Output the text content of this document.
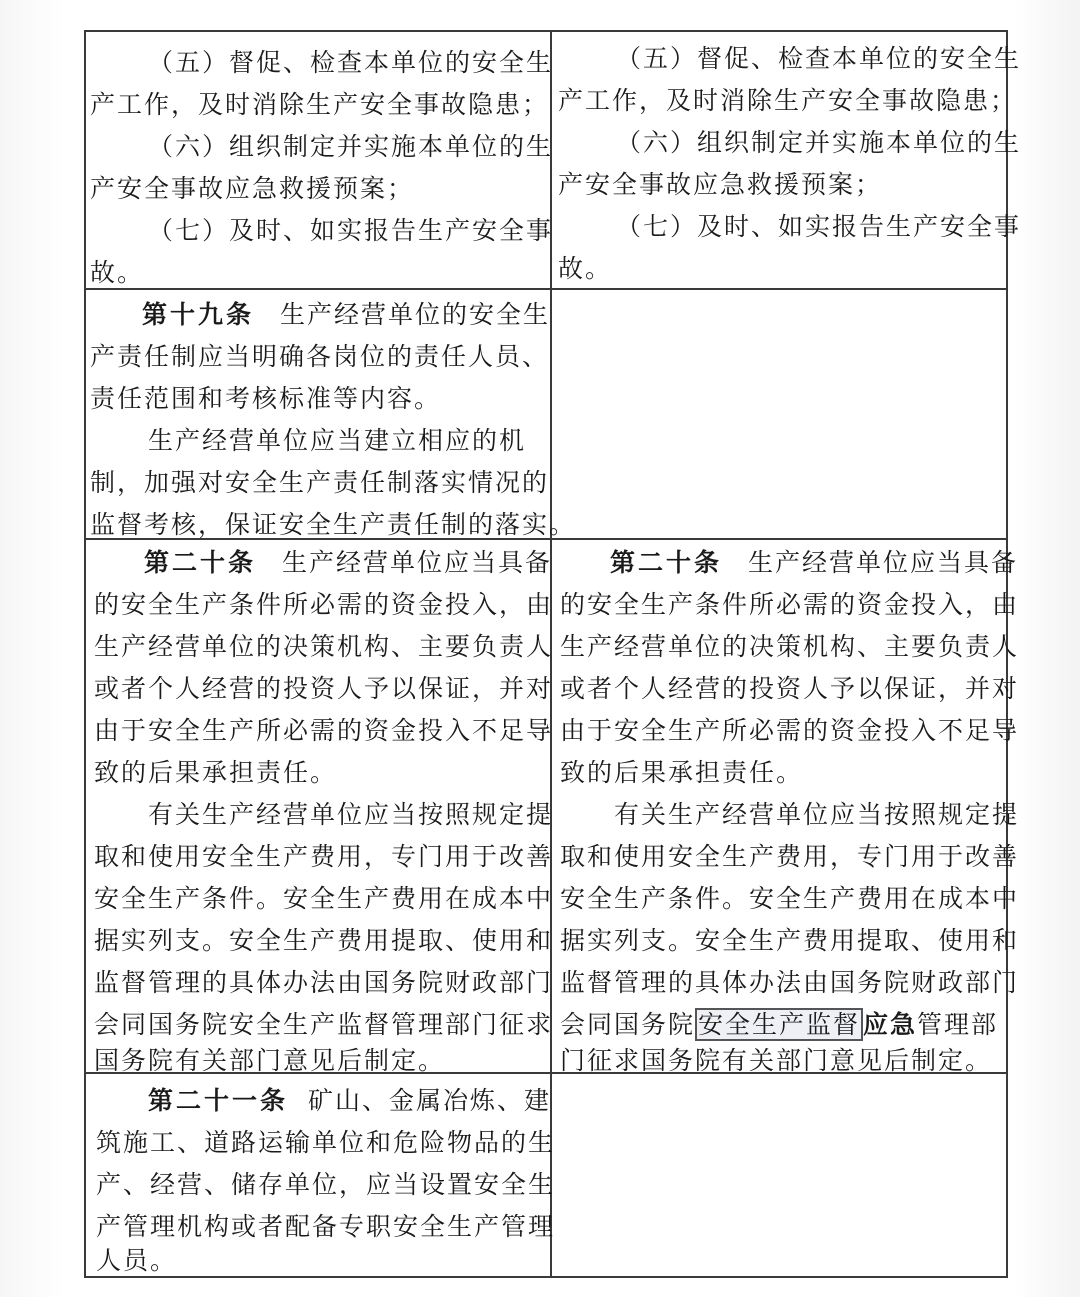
（五）督促、检查本单位的安全生
产工作，及时消除生产安全事故隐患；
（六）组织制定并实施本单位的生
产安全事故应急救援预案；
（七）及时、如实报告生产安全事
故。
（五）督促、检查本单位的安全生
产工作，及时消除生产安全事故隐患；
（六）组织制定并实施本单位的生
产安全事故应急救援预案；
（七）及时、如实报告生产安全事
故。
第十九条 生产经营单位的安全生
产责任制应当明确各岗位的责任人员、
责任范围和考核标准等内容。
生产经营单位应当建立相应的机
制，加强对安全生产责任制落实情况的
监督考核，保证安全生产责任制的落实。
第二十条 生产经营单位应当具备
的安全生产条件所必需的资金投入，由
生产经营单位的决策机构、主要负责人
或者个人经营的投资人予以保证，并对
由于安全生产所必需的资金投入不足导
致的后果承担责任。
有关生产经营单位应当按照规定提
取和使用安全生产费用，专门用于改善
安全生产条件。安全生产费用在成本中
据实列支。安全生产费用提取、使用和
监督管理的具体办法由国务院财政部门
会同国务院安全生产监督管理部门征求
国务院有关部门意见后制定。
第二十条 生产经营单位应当具备
的安全生产条件所必需的资金投入，由
生产经营单位的决策机构、主要负责人
或者个人经营的投资人予以保证，并对
由于安全生产所必需的资金投入不足导
致的后果承担责任。
有关生产经营单位应当按照规定提
取和使用安全生产费用，专门用于改善
安全生产条件。安全生产费用在成本中
据实列支。安全生产费用提取、使用和
监督管理的具体办法由国务院财政部门
会同国务院 安全生产监督 应急管理部
门征求国务院有关部门意见后制定。
第二十一条 矿山、金属冶炼、建
筑施工、道路运输单位和危险物品的生
产、经营、储存单位，应当设置安全生
产管理机构或者配备专职安全生产管理
人员。
